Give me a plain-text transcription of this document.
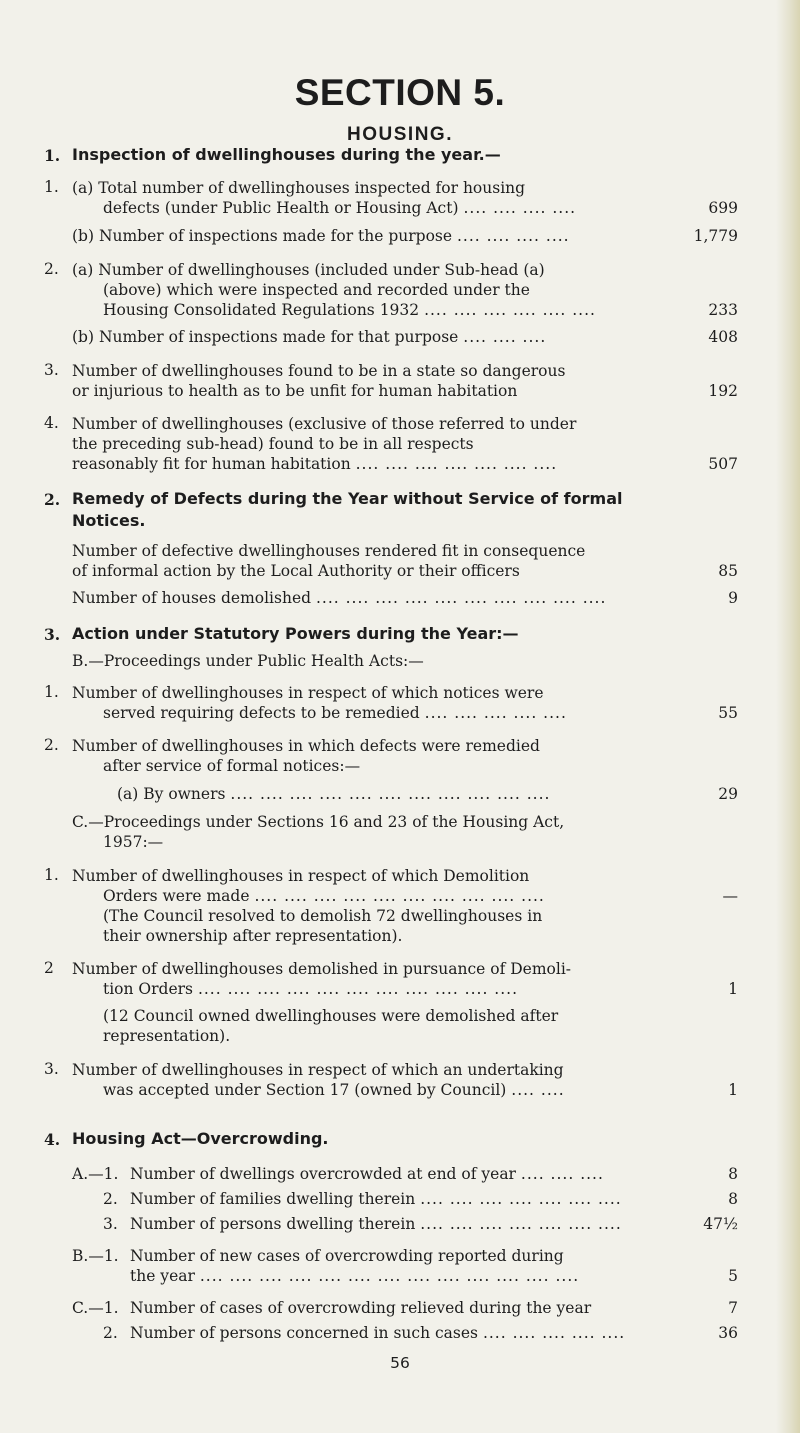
SECTION 5.
HOUSING.
1. Inspection of dwellinghouses during the year.—
1. (a) Total number of dwellinghouses inspected for housing
defects (under Public Health or Housing Act) .... .... .... ....	699
(b) Number of inspections made for the purpose .... .... .... ....	1,779
2. (a) Number of dwellinghouses (included under Sub-head (a)
(above) which were inspected and recorded under the
Housing Consolidated Regulations 1932 .... .... .... .... .... ....	233
(b) Number of inspections made for that purpose .... .... ....	408
3. Number of dwellinghouses found to be in a state so dangerous
or injurious to health as to be unfit for human habitation	192
4. Number of dwellinghouses (exclusive of those referred to under
the preceding sub-head) found to be in all respects
reasonably fit for human habitation .... .... .... .... .... .... ....	507
2. Remedy of Defects during the Year without Service of formal
Notices.
Number of defective dwellinghouses rendered fit in consequence
of informal action by the Local Authority or their officers	85
Number of houses demolished .... .... .... .... .... .... .... .... .... ....	9
3. Action under Statutory Powers during the Year:—
B.—Proceedings under Public Health Acts:—
1. Number of dwellinghouses in respect of which notices were
served requiring defects to be remedied .... .... .... .... ....	55
2. Number of dwellinghouses in which defects were remedied
after service of formal notices:—
(a) By owners .... .... .... .... .... .... .... .... .... .... ....	29
C.—Proceedings under Sections 16 and 23 of the Housing Act,
1957:—
1. Number of dwellinghouses in respect of which Demolition
Orders were made .... .... .... .... .... .... .... .... .... ....	—
(The Council resolved to demolish 72 dwellinghouses in
their ownership after representation).
2 Number of dwellinghouses demolished in pursuance of Demoli-
tion Orders .... .... .... .... .... .... .... .... .... .... ....	1
(12 Council owned dwellinghouses were demolished after
representation).
3. Number of dwellinghouses in respect of which an undertaking
was accepted under Section 17 (owned by Council) .... ....	1
4. Housing Act—Overcrowding.
A.—1. Number of dwellings overcrowded at end of year .... .... ....	8
2. Number of families dwelling therein .... .... .... .... .... .... ....	8
3. Number of persons dwelling therein .... .... .... .... .... .... ....	47½
B.—1. Number of new cases of overcrowding reported during
the year .... .... .... .... .... .... .... .... .... .... .... .... ....	5
C.—1. Number of cases of overcrowding relieved during the year	7
2. Number of persons concerned in such cases .... .... .... .... ....	36
56
